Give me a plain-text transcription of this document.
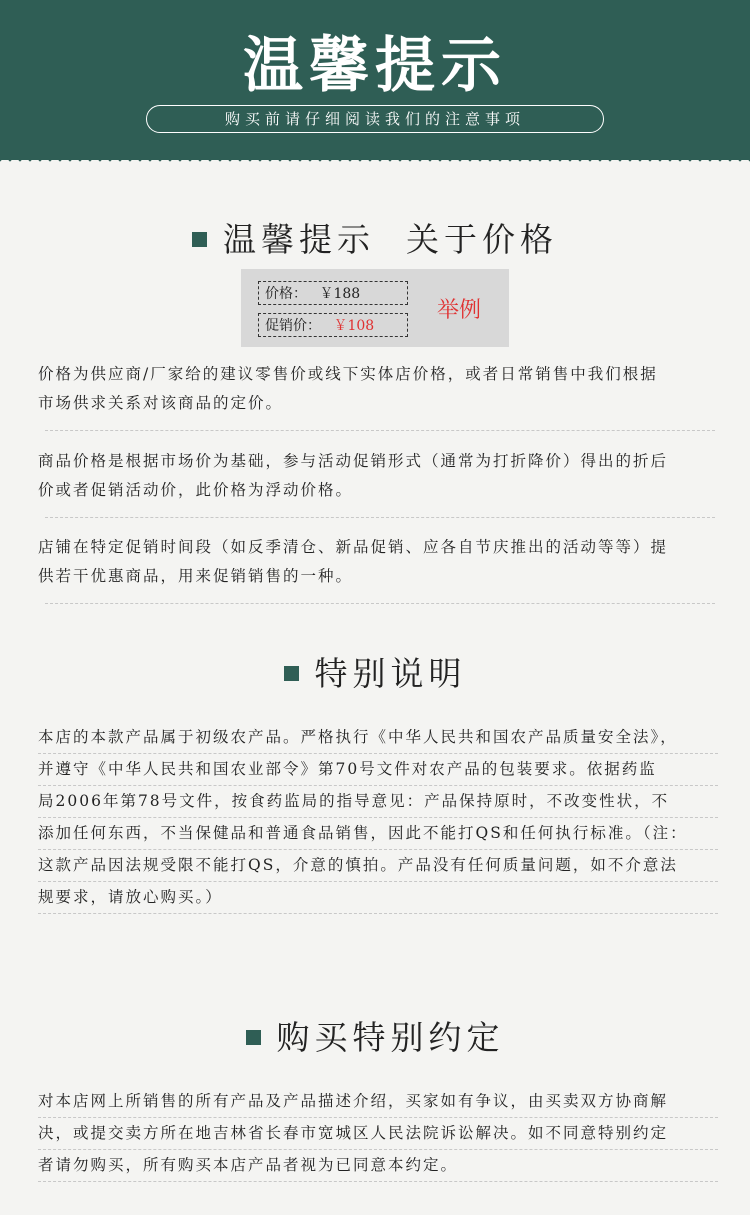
温馨提示
购买前请仔细阅读我们的注意事项
温馨提示  关于价格
价格： ￥188
促销价： ￥108
举例
价格为供应商/厂家给的建议零售价或线下实体店价格，或者日常销售中我们根据
市场供求关系对该商品的定价。
商品价格是根据市场价为基础，参与活动促销形式（通常为打折降价）得出的折后
价或者促销活动价，此价格为浮动价格。
店铺在特定促销时间段（如反季清仓、新品促销、应各自节庆推出的活动等等）提
供若干优惠商品，用来促销销售的一种。
特别说明
本店的本款产品属于初级农产品。严格执行《中华人民共和国农产品质量安全法》，
并遵守《中华人民共和国农业部令》第70号文件对农产品的包装要求。依据药监
局2006年第78号文件，按食药监局的指导意见：产品保持原时，不改变性状，不
添加任何东西，不当保健品和普通食品销售，因此不能打QS和任何执行标准。（注：
这款产品因法规受限不能打QS，介意的慎拍。产品没有任何质量问题，如不介意法
规要求，请放心购买。）
购买特别约定
对本店网上所销售的所有产品及产品描述介绍，买家如有争议，由买卖双方协商解
决，或提交卖方所在地吉林省长春市宽城区人民法院诉讼解决。如不同意特别约定
者请勿购买，所有购买本店产品者视为已同意本约定。
